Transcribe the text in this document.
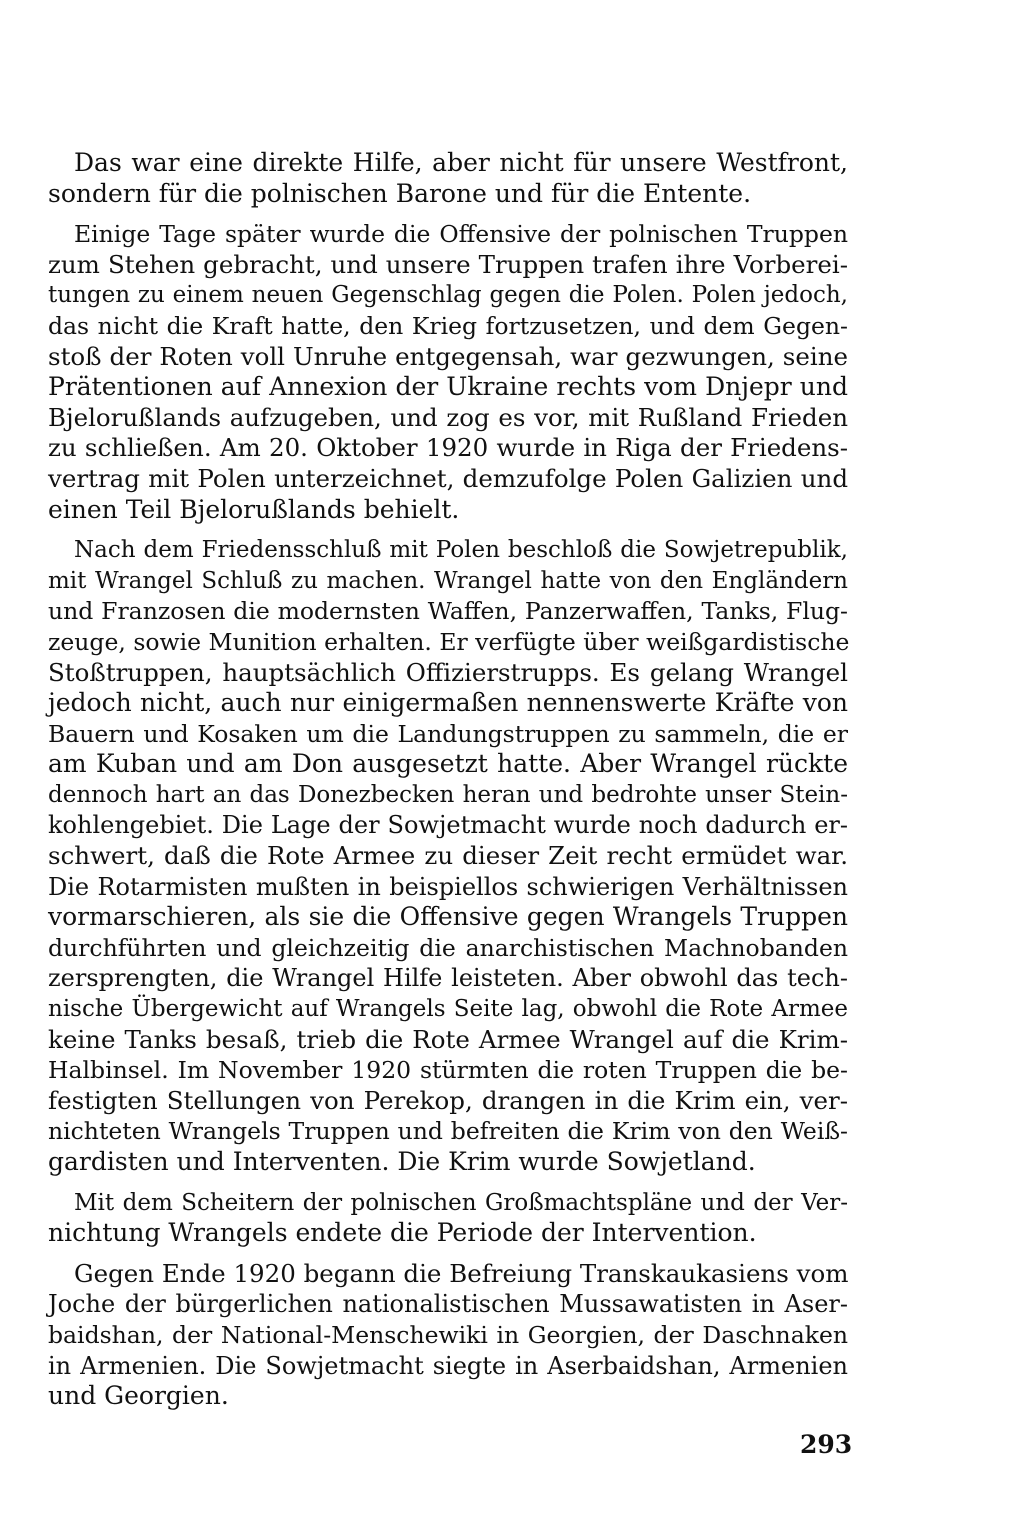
Das war eine direkte Hilfe, aber nicht für unsere Westfront,
sondern für die polnischen Barone und für die Entente.
Einige Tage später wurde die Offensive der polnischen Truppen
zum Stehen gebracht, und unsere Truppen trafen ihre Vorberei-
tungen zu einem neuen Gegenschlag gegen die Polen. Polen jedoch,
das nicht die Kraft hatte, den Krieg fortzusetzen, und dem Gegen-
stoß der Roten voll Unruhe entgegensah, war gezwungen, seine
Prätentionen auf Annexion der Ukraine rechts vom Dnjepr und
Bjelorußlands aufzugeben, und zog es vor, mit Rußland Frieden
zu schließen. Am 20. Oktober 1920 wurde in Riga der Friedens-
vertrag mit Polen unterzeichnet, demzufolge Polen Galizien und
einen Teil Bjelorußlands behielt.
Nach dem Friedensschluß mit Polen beschloß die Sowjetrepublik,
mit Wrangel Schluß zu machen. Wrangel hatte von den Engländern
und Franzosen die modernsten Waffen, Panzerwaffen, Tanks, Flug-
zeuge, sowie Munition erhalten. Er verfügte über weißgardistische
Stoßtruppen, hauptsächlich Offizierstrupps. Es gelang Wrangel
jedoch nicht, auch nur einigermaßen nennenswerte Kräfte von
Bauern und Kosaken um die Landungstruppen zu sammeln, die er
am Kuban und am Don ausgesetzt hatte. Aber Wrangel rückte
dennoch hart an das Donezbecken heran und bedrohte unser Stein-
kohlengebiet. Die Lage der Sowjetmacht wurde noch dadurch er-
schwert, daß die Rote Armee zu dieser Zeit recht ermüdet war.
Die Rotarmisten mußten in beispiellos schwierigen Verhältnissen
vormarschieren, als sie die Offensive gegen Wrangels Truppen
durchführten und gleichzeitig die anarchistischen Machnobanden
zersprengten, die Wrangel Hilfe leisteten. Aber obwohl das tech-
nische Übergewicht auf Wrangels Seite lag, obwohl die Rote Armee
keine Tanks besaß, trieb die Rote Armee Wrangel auf die Krim-
Halbinsel. Im November 1920 stürmten die roten Truppen die be-
festigten Stellungen von Perekop, drangen in die Krim ein, ver-
nichteten Wrangels Truppen und befreiten die Krim von den Weiß-
gardisten und Interventen. Die Krim wurde Sowjetland.
Mit dem Scheitern der polnischen Großmachtspläne und der Ver-
nichtung Wrangels endete die Periode der Intervention.
Gegen Ende 1920 begann die Befreiung Transkaukasiens vom
Joche der bürgerlichen nationalistischen Mussawatisten in Aser-
baidshan, der National-Menschewiki in Georgien, der Daschnaken
in Armenien. Die Sowjetmacht siegte in Aserbaidshan, Armenien
und Georgien.
293
